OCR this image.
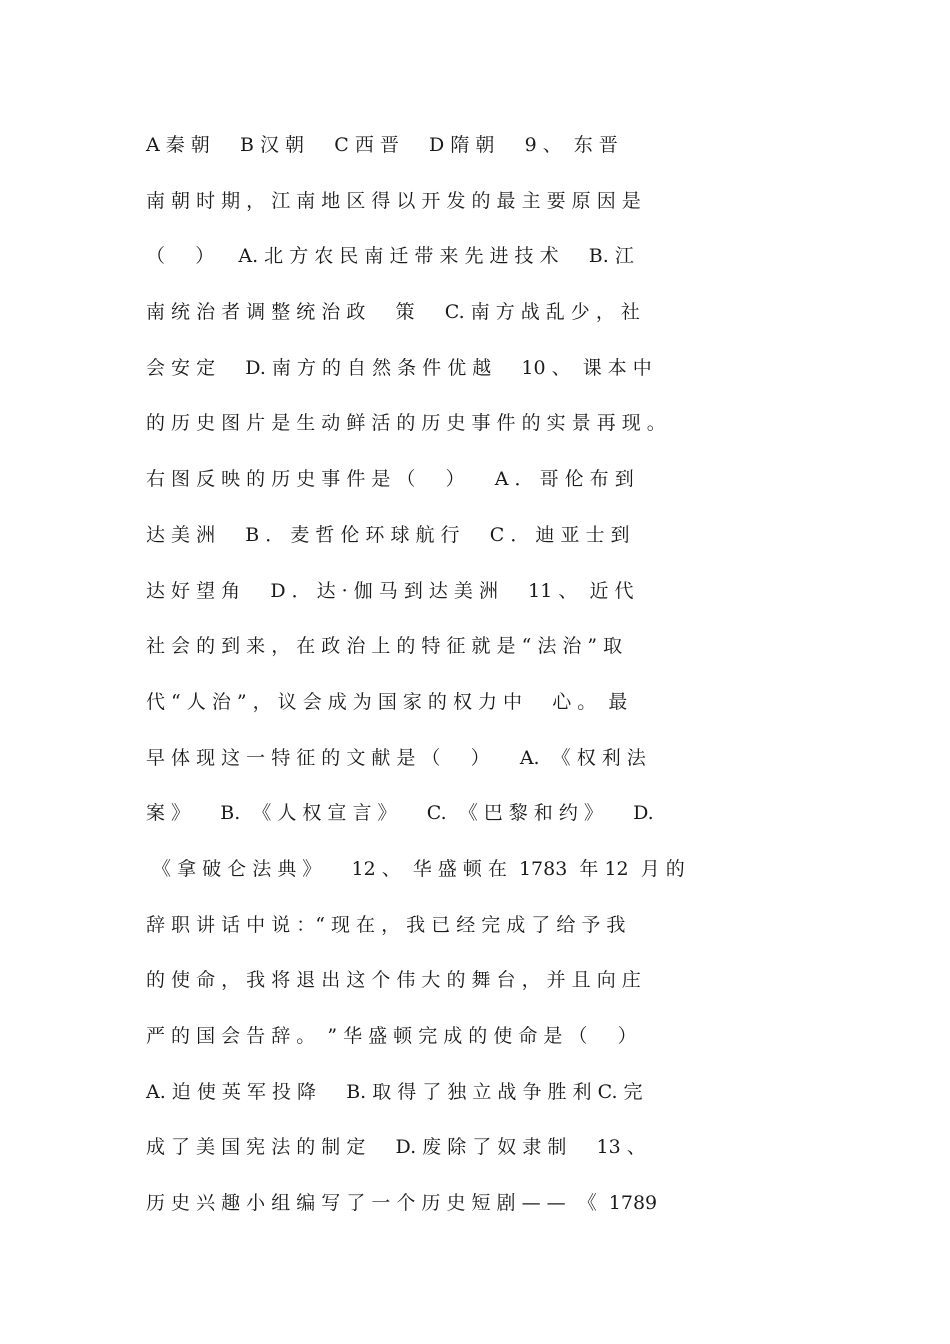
A 秦 朝     B 汉 朝     C 西 晋     D 隋 朝     9 、  东 晋
南 朝 时 期 ， 江 南 地 区 得 以 开 发 的 最 主 要 原 因 是
（     ）    A. 北 方 农 民 南 迁 带 来 先 进 技 术     B. 江
南 统 治 者 调 整 统 治 政     策     C. 南 方 战 乱 少 ， 社
会 安 定     D. 南 方 的 自 然 条 件 优 越     10 、  课 本 中
的 历 史 图 片 是 生 动 鲜 活 的 历 史 事 件 的 实 景 再 现 。
右 图 反 映 的 历 史 事 件 是 （     ）     A ． 哥 伦 布 到
达 美 洲     B ． 麦 哲 伦 环 球 航 行     C ． 迪 亚 士 到
达 好 望 角     D ． 达 · 伽 马 到 达 美 洲     11 、  近 代
社 会 的 到 来 ， 在 政 治 上 的 特 征 就 是 “ 法 治 ” 取
代 “ 人 治 ” ， 议 会 成 为 国 家 的 权 力 中     心 。  最
早 体 现 这 一 特 征 的 文 献 是 （     ）     A.  《 权 利 法
案 》     B.  《 人 权 宣 言 》     C.  《 巴 黎 和 约 》     D.
《 拿 破 仑 法 典 》     12 、  华 盛 顿 在  1783  年 12  月 的
辞 职 讲 话 中 说 ：“ 现 在 ， 我 已 经 完 成 了 给 予 我
的 使 命 ， 我 将 退 出 这 个 伟 大 的 舞 台 ， 并 且 向 庄
严 的 国 会 告 辞 。  ” 华 盛 顿 完 成 的 使 命 是 （     ）
A. 迫 使 英 军 投 降     B. 取 得 了 独 立 战 争 胜 利 C. 完
成 了 美 国 宪 法 的 制 定     D. 废 除 了 奴 隶 制     13 、
历 史 兴 趣 小 组 编 写 了 一 个 历 史 短 剧 — —  《  1789
